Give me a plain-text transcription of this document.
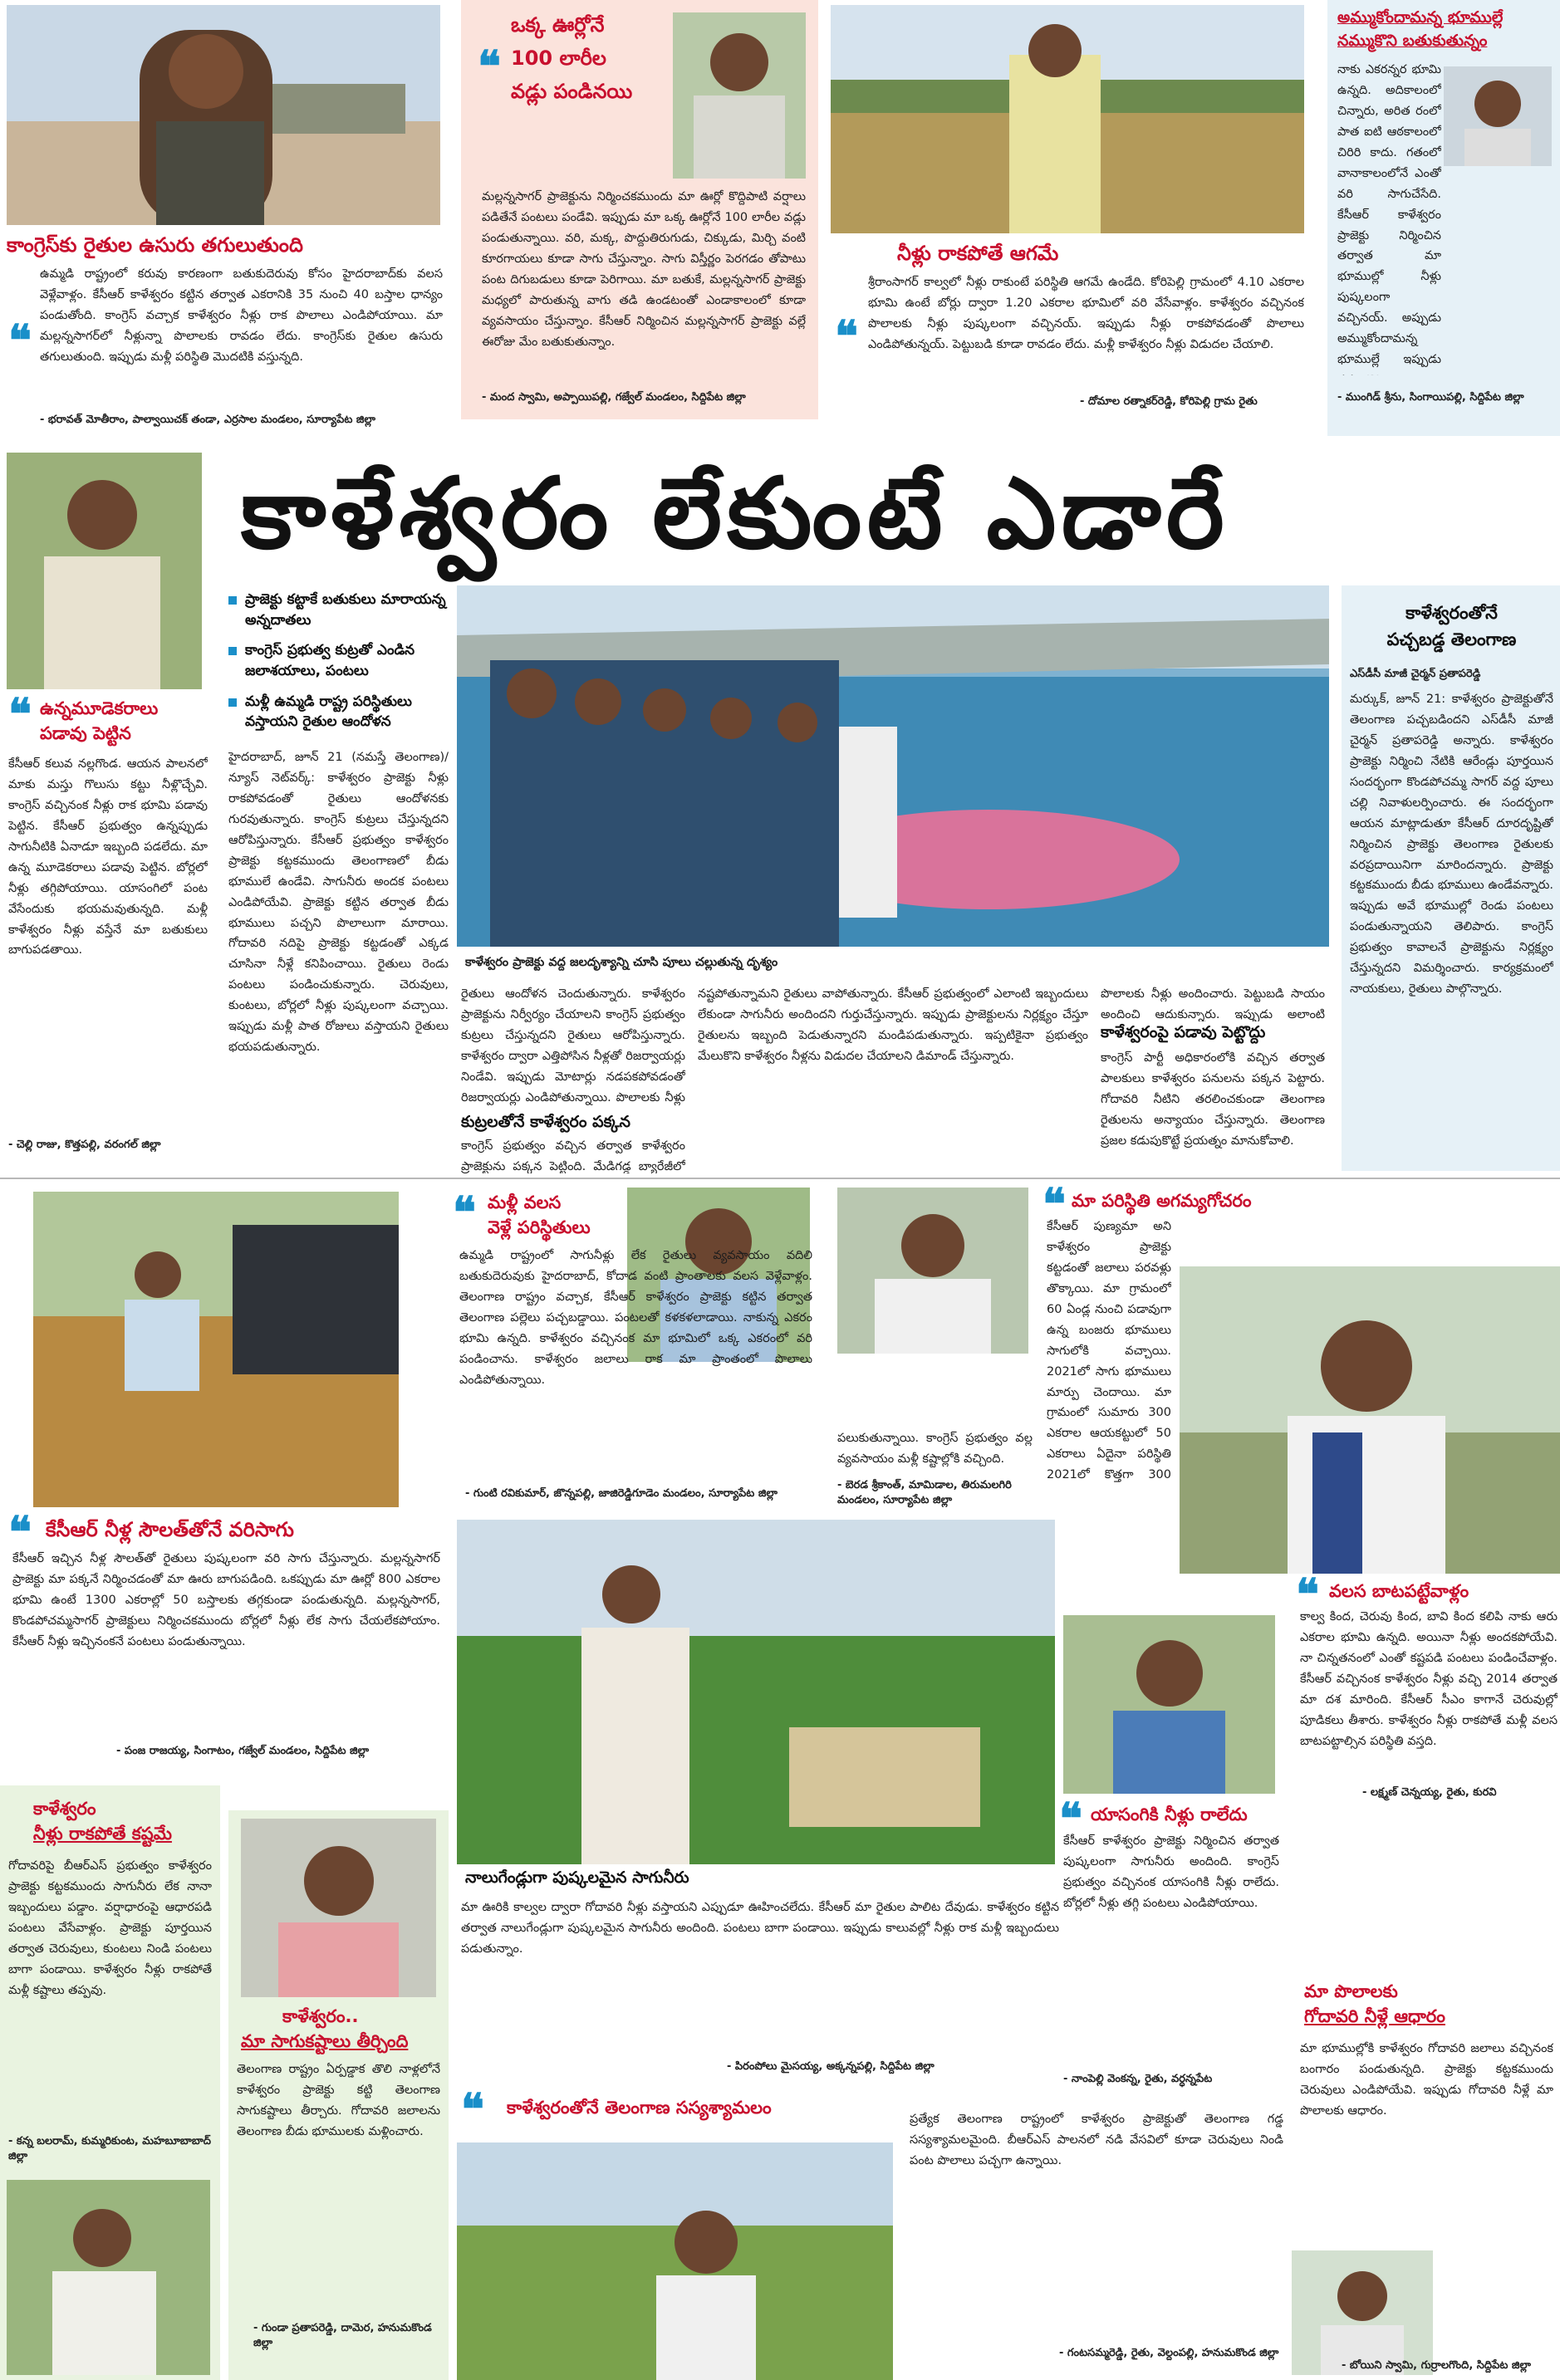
కాంగ్రెస్‌కు రైతుల ఉసురు తగులుతుంది
❝
ఉమ్మడి రాష్ట్రంలో కరువు కారణంగా బతుకుదెరువు కోసం హైదరాబాద్‌కు వలస వెళ్లేవాళ్లం. కేసీఆర్ కాళేశ్వరం కట్టిన తర్వాత ఎకరానికి 35 నుంచి 40 బస్తాల ధాన్యం పండుతోంది. కాంగ్రెస్ వచ్చాక కాళేశ్వరం నీళ్లు రాక పొలాలు ఎండిపోయాయి. మా మల్లన్నసాగర్‌లో నీళ్లున్నా పొలాలకు రావడం లేదు. కాంగ్రెస్‌కు రైతుల ఉసురు తగులుతుంది. ఇప్పుడు మళ్లీ పరిస్థితి మొదటికి వస్తున్నది.
- భరావత్ మోతీరాం, పాల్వాయిచక్ తండా, ఎర్రసాల మండలం, సూర్యాపేట జిల్లా
❝
ఒక్క ఊర్లోనే
100 లారీల
వడ్లు పండినయి
మల్లన్నసాగర్ ప్రాజెక్టును నిర్మించకముందు మా ఊర్లో కొద్దిపాటి వర్షాలు పడితేనే పంటలు పండేవి. ఇప్పుడు మా ఒక్క ఊర్లోనే 100 లారీల వడ్లు పండుతున్నాయి. వరి, మక్క, పొద్దుతిరుగుడు, చిక్కుడు, మిర్చి వంటి కూరగాయలు కూడా సాగు చేస్తున్నాం. సాగు విస్తీర్ణం పెరగడం తోపాటు పంట దిగుబడులు కూడా పెరిగాయి. మా బతుకే, మల్లన్నసాగర్ ప్రాజెక్టు మధ్యలో పారుతున్న వాగు తడి ఉండటంతో ఎండాకాలంలో కూడా వ్యవసాయం చేస్తున్నాం. కేసీఆర్ నిర్మించిన మల్లన్నసాగర్ ప్రాజెక్టు వల్లే ఈరోజు మేం బతుకుతున్నాం.
- మంద స్వామి, అప్పాయిపల్లి, గజ్వేల్ మండలం, సిద్దిపేట జిల్లా
నీళ్లు రాకపోతే ఆగమే
❝
శ్రీరాంసాగర్ కాల్వలో నీళ్లు రాకుంటే పరిస్థితి ఆగమే ఉండేది. కోరిపెల్లి గ్రామంలో 4.10 ఎకరాల భూమి ఉంటే బోర్లు ద్వారా 1.20 ఎకరాల భూమిలో వరి వేసేవాళ్లం. కాళేశ్వరం వచ్చినంక పొలాలకు నీళ్లు పుష్కలంగా వచ్చినయ్. ఇప్పుడు నీళ్లు రాకపోవడంతో పొలాలు ఎండిపోతున్నయ్. పెట్టుబడి కూడా రావడం లేదు. మళ్లీ కాళేశ్వరం నీళ్లు విడుదల చేయాలి.
- దోమాల రత్నాకర్‌రెడ్డి, కోరిపెల్లి గ్రామ రైతు
అమ్ముకోందామన్న భూముల్లే
నమ్ముకొని బతుకుతున్నం
నాకు ఎకరన్నర భూమి ఉన్నది. అదికాలంలో చిన్నారు, అరిత రంలో పాత ఐటి ఆఠకాలంలో చిరిరి కాదు. గతంలో వానాకాలంలోనే ఎంతో వరి సాగుచేసేది. కేసీఆర్ కాళేశ్వరం ప్రాజెక్టు నిర్మించిన తర్వాత మా భూముల్లో నీళ్లు పుష్కలంగా వచ్చినయ్. అప్పుడు అమ్ముకోందామన్న భూముల్లే ఇప్పుడు
- ముంగిడ్ శ్రీను, సింగాయిపల్లి, సిద్దిపేట జిల్లా
కాళేశ్వరం లేకుంటే ఎడారే
❝ ఉన్నమూడెకరాలు
పడావు పెట్టిన
కేసీఆర్ కలువ నల్లగొండ. ఆయన పాలనలో మాకు మస్తు గొలుసు కట్టు నీళ్లొచ్చేవి. కాంగ్రెస్ వచ్చినంక నీళ్లు రాక భూమి పడావు పెట్టిన. కేసీఆర్ ప్రభుత్వం ఉన్నప్పుడు సాగునీటికి ఏనాడూ ఇబ్బంది పడలేదు. మా ఉన్న మూడెకరాలు పడావు పెట్టిన. బోర్లలో నీళ్లు తగ్గిపోయాయి. యాసంగిలో పంట వేసేందుకు భయమవుతున్నది. మళ్లీ కాళేశ్వరం నీళ్లు వస్తేనే మా బతుకులు బాగుపడతాయి.
- చెల్లి రాజు, కొత్తపల్లి, వరంగల్ జిల్లా
ప్రాజెక్టు కట్టాకే బతుకులు మారాయన్న అన్నదాతలు
కాంగ్రెస్ ప్రభుత్వ కుట్రతో ఎండిన జలాశయాలు, పంటలు
మళ్లీ ఉమ్మడి రాష్ట్ర పరిస్థితులు వస్తాయని రైతుల ఆందోళన
కాళేశ్వరం ప్రాజెక్టు వద్ద జలదృశ్యాన్ని చూసి పూలు చల్లుతున్న దృశ్యం
హైదరాబాద్, జూన్ 21 (నమస్తే తెలంగాణ)/న్యూస్ నెట్‌వర్క్: కాళేశ్వరం ప్రాజెక్టు నీళ్లు రాకపోవడంతో రైతులు ఆందోళనకు గురవుతున్నారు. కాంగ్రెస్ కుట్రలు చేస్తున్నదని ఆరోపిస్తున్నారు. కేసీఆర్ ప్రభుత్వం కాళేశ్వరం ప్రాజెక్టు కట్టకముందు తెలంగాణలో బీడు భూములే ఉండేవి. సాగునీరు అందక పంటలు ఎండిపోయేవి. ప్రాజెక్టు కట్టిన తర్వాత బీడు భూములు పచ్చని పొలాలుగా మారాయి. గోదావరి నదిపై ప్రాజెక్టు కట్టడంతో ఎక్కడ చూసినా నీళ్లే కనిపించాయి. రైతులు రెండు పంటలు పండించుకున్నారు. చెరువులు, కుంటలు, బోర్లలో నీళ్లు పుష్కలంగా వచ్చాయి. ఇప్పుడు మళ్లీ పాత రోజులు వస్తాయని రైతులు భయపడుతున్నారు.
రైతులు ఆందోళన చెందుతున్నారు. కాళేశ్వరం ప్రాజెక్టును నిర్వీర్యం చేయాలని కాంగ్రెస్ ప్రభుత్వం కుట్రలు చేస్తున్నదని రైతులు ఆరోపిస్తున్నారు. కాళేశ్వరం ద్వారా ఎత్తిపోసిన నీళ్లతో రిజర్వాయర్లు నిండేవి. ఇప్పుడు మోటార్లు నడపకపోవడంతో రిజర్వాయర్లు ఎండిపోతున్నాయి. పొలాలకు నీళ్లు
కుట్రలతోనే కాళేశ్వరం పక్కన
కాంగ్రెస్ ప్రభుత్వం వచ్చిన తర్వాత కాళేశ్వరం ప్రాజెక్టును పక్కన పెట్టింది. మేడిగడ్డ బ్యారేజీలో
నష్టపోతున్నామని రైతులు వాపోతున్నారు. కేసీఆర్ ప్రభుత్వంలో ఎలాంటి ఇబ్బందులు లేకుండా సాగునీరు అందిందని గుర్తుచేస్తున్నారు. ఇప్పుడు ప్రాజెక్టులను నిర్లక్ష్యం చేస్తూ రైతులను ఇబ్బంది పెడుతున్నారని మండిపడుతున్నారు. ఇప్పటికైనా ప్రభుత్వం మేలుకొని కాళేశ్వరం నీళ్లను విడుదల చేయాలని డిమాండ్ చేస్తున్నారు.
పొలాలకు నీళ్లు అందించారు. పెట్టుబడి సాయం అందించి ఆదుకున్నారు. ఇప్పుడు అలాంటి
కాళేశ్వరంపై పడావు పెట్టొద్దు
కాంగ్రెస్ పార్టీ అధికారంలోకి వచ్చిన తర్వాత పాలకులు కాళేశ్వరం పనులను పక్కన పెట్టారు. గోదావరి నీటిని తరలించకుండా తెలంగాణ రైతులను అన్యాయం చేస్తున్నారు. తెలంగాణ ప్రజల కడుపుకొట్టే ప్రయత్నం మానుకోవాలి.
కాళేశ్వరంతోనే
పచ్చబడ్డ తెలంగాణ
ఎస్‌డీసీ మాజీ చైర్మన్ ప్రతాపరెడ్డి
మర్కుక్, జూన్ 21: కాళేశ్వరం ప్రాజెక్టుతోనే తెలంగాణ పచ్చబడిందని ఎస్‌డీసీ మాజీ చైర్మన్ ప్రతాపరెడ్డి అన్నారు. కాళేశ్వరం ప్రాజెక్టు నిర్మించి నేటికి ఆరేండ్లు పూర్తయిన సందర్భంగా కొండపోచమ్మ సాగర్ వద్ద పూలు చల్లి నివాళులర్పించారు. ఈ సందర్భంగా ఆయన మాట్లాడుతూ కేసీఆర్ దూరదృష్టితో నిర్మించిన ప్రాజెక్టు తెలంగాణ రైతులకు వరప్రదాయినిగా మారిందన్నారు. ప్రాజెక్టు కట్టకముందు బీడు భూములు ఉండేవన్నారు. ఇప్పుడు అవే భూముల్లో రెండు పంటలు పండుతున్నాయని తెలిపారు. కాంగ్రెస్ ప్రభుత్వం కావాలనే ప్రాజెక్టును నిర్లక్ష్యం చేస్తున్నదని విమర్శించారు. కార్యక్రమంలో నాయకులు, రైతులు పాల్గొన్నారు.
❝ కేసీఆర్ నీళ్ల సౌలత్‌తోనే వరిసాగు
కేసీఆర్ ఇచ్చిన నీళ్ల సౌలత్‌తో రైతులు పుష్కలంగా వరి సాగు చేస్తున్నారు. మల్లన్నసాగర్ ప్రాజెక్టు మా పక్కనే నిర్మించడంతో మా ఊరు బాగుపడింది. ఒకప్పుడు మా ఊర్లో 800 ఎకరాల భూమి ఉంటే 1300 ఎకరాల్లో 50 బస్తాలకు తగ్గకుండా పండుతున్నది. మల్లన్నసాగర్, కొండపోచమ్మసాగర్ ప్రాజెక్టులు నిర్మించకముందు బోర్లలో నీళ్లు లేక సాగు చేయలేకపోయాం. కేసీఆర్ నీళ్లు ఇచ్చినంకనే పంటలు పండుతున్నాయి.
- పంజ రాజయ్య, సింగాటం, గజ్వేల్ మండలం, సిద్దిపేట జిల్లా
❝ మళ్లీ వలస
వెళ్లే పరిస్థితులు
ఉమ్మడి రాష్ట్రంలో సాగునీళ్లు లేక రైతులు వ్యవసాయం వదిలి బతుకుదెరువుకు హైదరాబాద్, కోదాడ వంటి ప్రాంతాలకు వలస వెళ్లేవాళ్లం. తెలంగాణ రాష్ట్రం వచ్చాక, కేసీఆర్ కాళేశ్వరం ప్రాజెక్టు కట్టిన తర్వాత తెలంగాణ పల్లెలు పచ్చబడ్డాయి. పంటలతో కళకళలాడాయి. నాకున్న ఎకరం భూమి ఉన్నది. కాళేశ్వరం వచ్చినంక మా భూమిలో ఒక్క ఎకరంలో వరి పండించాను. కాళేశ్వరం జలాలు రాక మా ప్రాంతంలో పొలాలు ఎండిపోతున్నాయి.
- గుంటి రవికుమార్, జొన్నపల్లి, జాజిరెడ్డిగూడెం మండలం, సూర్యాపేట జిల్లా
పలుకుతున్నాయి. కాంగ్రెస్ ప్రభుత్వం వల్ల వ్యవసాయం మళ్లీ కష్టాల్లోకి వచ్చింది.
- బెరడ శ్రీకాంత్, మామిడాల, తిరుమలగిరి మండలం, సూర్యాపేట జిల్లా
❝ మా పరిస్థితి అగమ్యగోచరం
కేసీఆర్ పుణ్యమా అని కాళేశ్వరం ప్రాజెక్టు కట్టడంతో జలాలు పరవళ్లు తొక్కాయి. మా గ్రామంలో 60 ఏండ్ల నుంచి పడావుగా ఉన్న బంజరు భూములు సాగులోకి వచ్చాయి. 2021లో సాగు భూములు మార్పు చెందాయి. మా గ్రామంలో సుమారు 300 ఎకరాల ఆయకట్టులో 50 ఎకరాలు ఏదైనా పరిస్థితి 2021లో కొత్తగా 300
❝ వలస బాటపట్టేవాళ్లం
కాల్వ కింద, చెరువు కింద, బావి కింద కలిపి నాకు ఆరు ఎకరాల భూమి ఉన్నది. అయినా నీళ్లు అందకపోయేవి. నా చిన్నతనంలో ఎంతో కష్టపడి పంటలు పండించేవాళ్లం. కేసీఆర్ వచ్చినంక కాళేశ్వరం నీళ్లు వచ్చి 2014 తర్వాత మా దశ మారింది. కేసీఆర్ సీఎం కాగానే చెరువుల్లో పూడికలు తీశారు. కాళేశ్వరం నీళ్లు రాకపోతే మళ్లీ వలస బాటపట్టాల్సిన పరిస్థితి వస్తది.
- లక్ష్మణ్ చెన్నయ్య, రైతు, కురవి
నాలుగేండ్లుగా పుష్కలమైన సాగునీరు
మా ఊరికి కాల్వల ద్వారా గోదావరి నీళ్లు వస్తాయని ఎప్పుడూ ఊహించలేదు. కేసీఆర్ మా రైతుల పాలిట దేవుడు. కాళేశ్వరం కట్టిన తర్వాత నాలుగేండ్లుగా పుష్కలమైన సాగునీరు అందింది. పంటలు బాగా పండాయి. ఇప్పుడు కాలువల్లో నీళ్లు రాక మళ్లీ ఇబ్బందులు పడుతున్నాం.
- పిరంపోలు మైసయ్య, అక్కన్నపల్లి, సిద్దిపేట జిల్లా
❝ యాసంగికి నీళ్లు రాలేదు
కేసీఆర్ కాళేశ్వరం ప్రాజెక్టు నిర్మించిన తర్వాత పుష్కలంగా సాగునీరు అందింది. కాంగ్రెస్ ప్రభుత్వం వచ్చినంక యాసంగికి నీళ్లు రాలేదు. బోర్లలో నీళ్లు తగ్గి పంటలు ఎండిపోయాయి.
- నాంపెల్లి వెంకన్న, రైతు, వర్ధన్నపేట
కాళేశ్వరం
నీళ్లు రాకపోతే కష్టమే
గోదావరిపై బీఆర్‌ఎస్ ప్రభుత్వం కాళేశ్వరం ప్రాజెక్టు కట్టకముందు సాగునీరు లేక నానా ఇబ్బందులు పడ్డాం. వర్షాధారంపై ఆధారపడి పంటలు వేసేవాళ్లం. ప్రాజెక్టు పూర్తయిన తర్వాత చెరువులు, కుంటలు నిండి పంటలు బాగా పండాయి. కాళేశ్వరం నీళ్లు రాకపోతే మళ్లీ కష్టాలు తప్పవు.
- కన్న బలరామ్, కుమ్మరికుంట, మహబూబాబాద్ జిల్లా
కాళేశ్వరం..
మా సాగుకష్టాలు తీర్చింది
తెలంగాణ రాష్ట్రం ఏర్పడ్డాక తొలి నాళ్లలోనే కాళేశ్వరం ప్రాజెక్టు కట్టి తెలంగాణ సాగుకష్టాలు తీర్చారు. గోదావరి జలాలను తెలంగాణ బీడు భూములకు మళ్లించారు.
- గుండా ప్రతాపరెడ్డి, దామెర, హనుమకొండ జిల్లా
❝ కాళేశ్వరంతోనే తెలంగాణ సస్యశ్యామలం
ప్రత్యేక తెలంగాణ రాష్ట్రంలో కాళేశ్వరం ప్రాజెక్టుతో తెలంగాణ గడ్డ సస్యశ్యామలమైంది. బీఆర్‌ఎస్ పాలనలో నడి వేసవిలో కూడా చెరువులు నిండి పంట పొలాలు పచ్చగా ఉన్నాయి.
- గంటసమ్మరెడ్డి, రైతు, వెల్దంపల్లి, హనుమకొండ జిల్లా
మా పొలాలకు
గోదావరి నీళ్లే ఆధారం
మా భూముల్లోకి కాళేశ్వరం గోదావరి జలాలు వచ్చినంక బంగారం పండుతున్నది. ప్రాజెక్టు కట్టకముందు చెరువులు ఎండిపోయేవి. ఇప్పుడు గోదావరి నీళ్లే మా పొలాలకు ఆధారం.
- బోయిని స్వామి, గుర్రాలగొంది, సిద్దిపేట జిల్లా
